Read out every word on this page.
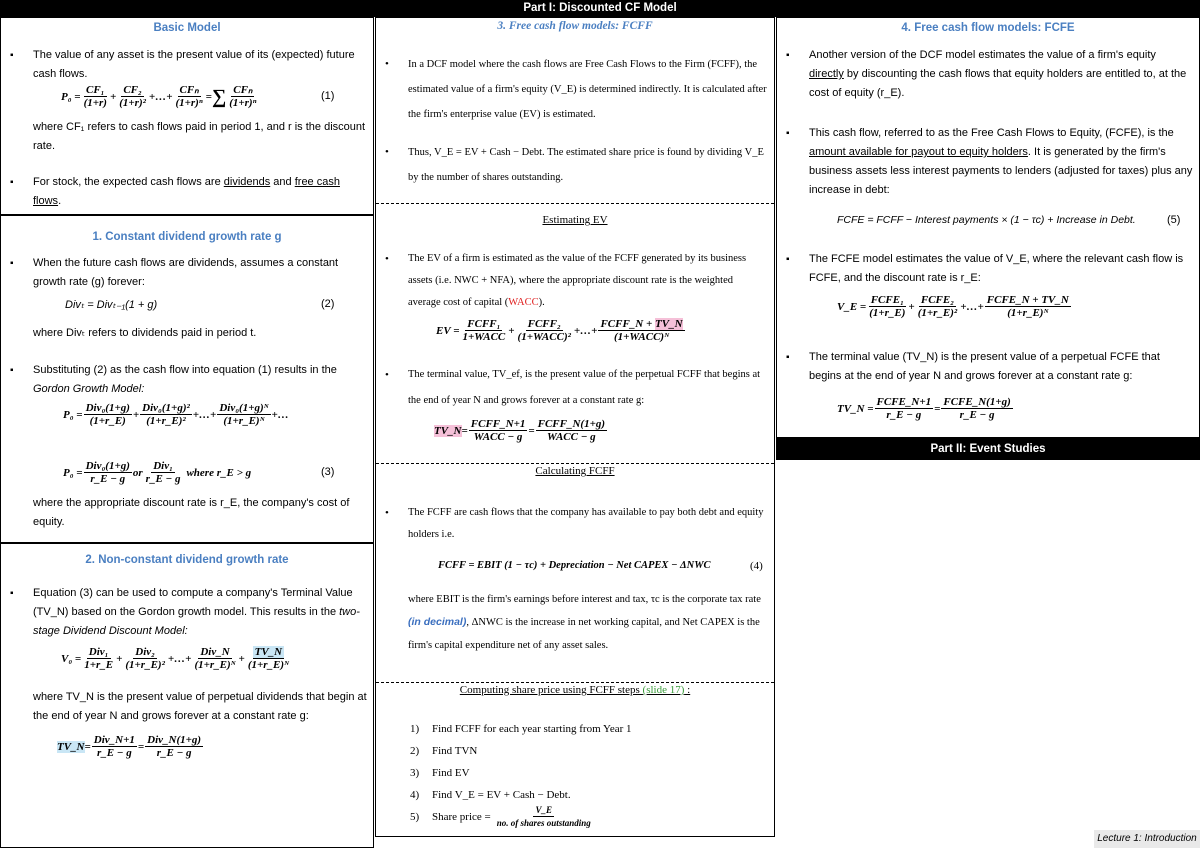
Part I: Discounted CF Model
Basic Model
▪ The value of any asset is the present value of its (expected) future cash flows.
$P_0 = \frac{\text{CF₁}}{(1+r)} + \frac{\text{CF₂}}{\text{(1+r)²}}$ +…+ $\frac{\text{CFₙ}}{\text{(1+r)ⁿ}}$ = ∑ $\frac{\text{CFₙ}}{\text{(1+r)ⁿ}}$	(1)
where CF₁ refers to cash flows paid in period 1, and r is the discount rate.
▪ For stock, the expected cash flows are dividends and free cash flows.
1. Constant dividend growth rate g
▪ When the future cash flows are dividends, assumes a constant growth rate (g) forever:
Divₜ = Divₜ₋₁(1 + g)	(2)
where Divₜ refers to dividends paid in period t.
▪ Substituting (2) as the cash flow into equation (1) results in the
Gordon Growth Model:
$P_0 = \frac{\text{Div₀(1+g)}}{(1+r\_E)} + \frac{\text{Div₀(1+g)²}}{\text{(1+r\_E)²}}$ +…+ $\frac{\text{Div₀(1+g)ᴺ}}{\text{(1+r\_E)ᴺ}}$ +…
$P_0 = \frac{\text{Div₀(1+g)}}{r\_E - g}$ or $\frac{\text{Div₁}}{r\_E - g}$ where r_E > g	(3)
where the appropriate discount rate is r_E, the company's cost of equity.
2. Non-constant dividend growth rate
▪ Equation (3) can be used to compute a company's Terminal Value (TV_N) based on the Gordon growth model. This results in the two-stage Dividend Discount Model:
$V_0 = \frac{\text{Div₁}}{1+r\_E} + \frac{\text{Div₂}}{\text{(1+r\_E)²}}$ +…+ $\frac{\text{Div\_N}}{\text{(1+r\_E)ᴺ}} + \frac{TV\_N}{\text{(1+r\_E)ᴺ}}$
where TV_N is the present value of perpetual dividends that begin at the end of year N and grows forever at a constant rate g:
TV_N = $\frac{\text{Div\_N+1}}{r\_E - g} = \frac{\text{Div\_N(1+g)}}{r\_E - g}$
3. Free cash flow models: FCFF
• In a DCF model where the cash flows are Free Cash Flows to the Firm (FCFF), the estimated value of a firm's equity (V_E) is determined indirectly. It is calculated after the firm's enterprise value (EV) is estimated.
• Thus, V_E = EV + Cash − Debt. The estimated share price is found by dividing V_E by the number of shares outstanding.
Estimating EV
• The EV of a firm is estimated as the value of the FCFF generated by its business assets (i.e. NWC + NFA), where the appropriate discount rate is the weighted average cost of capital (WACC).
EV = $\frac{\text{FCFF₁}}{\text{1+WACC}} + \frac{\text{FCFF₂}}{\text{(1+WACC)²}}$ +…+ $\frac{\text{FCFF\_N + TV\_N}}{\text{(1+WACC)ᴺ}}$
• The terminal value, TV_ef, is the present value of the perpetual FCFF that begins at the end of year N and grows forever at a constant rate g:
TV_N = $\frac{\text{FCFF\_N+1}}{\text{WACC − g}} = \frac{\text{FCFF\_N(1+g)}}{\text{WACC − g}}$
Calculating FCFF
• The FCFF are cash flows that the company has available to pay both debt and equity holders i.e.
FCFF = EBIT (1 − τc) + Depreciation − Net CAPEX − ΔNWC	(4)
where EBIT is the firm's earnings before interest and tax, τc is the corporate tax rate (in decimal), ΔNWC is the increase in net working capital, and Net CAPEX is the firm's capital expenditure net of any asset sales.
Computing share price using FCFF steps (slide 17) :
1) Find FCFF for each year starting from Year 1
2) Find TVN
3) Find EV
4) Find V_E = EV + Cash − Debt.
5)	Share price = $\frac{V\_E}{\text{no. of shares outstanding}}$
4. Free cash flow models: FCFE
▪ Another version of the DCF model estimates the value of a firm's equity directly by discounting the cash flows that equity holders are entitled to, at the cost of equity (r_E).
▪ This cash flow, referred to as the Free Cash Flows to Equity, (FCFE), is the amount available for payout to equity holders. It is generated by the firm's business assets less interest payments to lenders (adjusted for taxes) plus any increase in debt:
FCFE = FCFF − Interest payments × (1 − τc) + Increase in Debt.	(5)
▪ The FCFE model estimates the value of V_E, where the relevant cash flow is FCFE, and the discount rate is r_E:
V_E = $\frac{\text{FCFE₁}}{(1+r\_E)} + \frac{\text{FCFE₂}}{\text{(1+r\_E)²}}$ +…+ $\frac{\text{FCFE\_N + TV\_N}}{\text{(1+r\_E)ᴺ}}$
▪ The terminal value (TV_N) is the present value of a perpetual FCFE that begins at the end of year N and grows forever at a constant rate g:
TV_N = $\frac{\text{FCFE\_N+1}}{r\_E - g} = \frac{\text{FCFE\_N(1+g)}}{r\_E - g}$
Part II: Event Studies
Lecture 1: Introduction
